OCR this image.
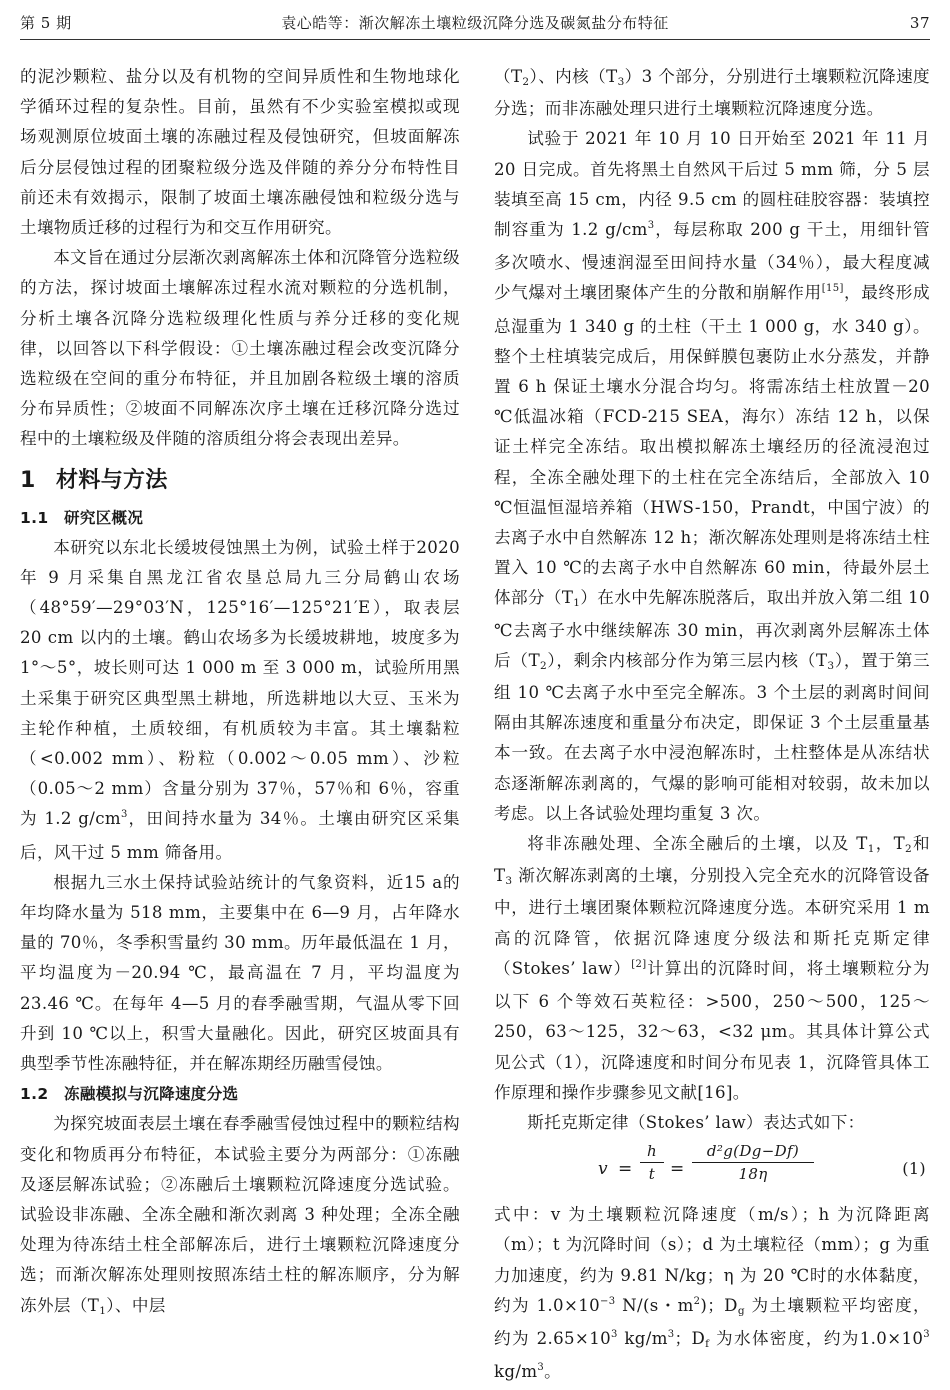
第 5 期	袁心皓等：渐次解冻土壤粒级沉降分选及碳氮盐分布特征	37

的泥沙颗粒、盐分以及有机物的空间异质性和生物地球化学循环过程的复杂性。目前，虽然有不少实验室模拟或现场观测原位坡面土壤的冻融过程及侵蚀研究，但坡面解冻后分层侵蚀过程的团聚粒级分选及伴随的养分分布特性目前还未有效揭示，限制了坡面土壤冻融侵蚀和粒级分选与土壤物质迁移的过程行为和交互作用研究。

本文旨在通过分层渐次剥离解冻土体和沉降管分选粒级的方法，探讨坡面土壤解冻过程水流对颗粒的分选机制，分析土壤各沉降分选粒级理化性质与养分迁移的变化规律，以回答以下科学假设：①土壤冻融过程会改变沉降分选粒级在空间的重分布特征，并且加剧各粒级土壤的溶质分布异质性；②坡面不同解冻次序土壤在迁移沉降分选过程中的土壤粒级及伴随的溶质组分将会表现出差异。

1 材料与方法
1.1 研究区概况

本研究以东北长缓坡侵蚀黑土为例，试验土样于2020 年 9 月采集自黑龙江省农垦总局九三分局鹤山农场（48°59′—29°03′N，125°16′—125°21′E），取表层 20 cm 以内的土壤。鹤山农场多为长缓坡耕地，坡度多为 1°～5°，坡长则可达 1 000 m 至 3 000 m，试验所用黑土采集于研究区典型黑土耕地，所选耕地以大豆、玉米为主轮作种植，土质较细，有机质较为丰富。其土壤黏粒（<0.002 mm）、粉粒（0.002～0.05 mm）、沙粒（0.05～2 mm）含量分别为 37％，57％和 6％，容重为 1.2 $g/cm^3$，田间持水量为 34％。土壤由研究区采集后，风干过 5 mm 筛备用。

根据九三水土保持试验站统计的气象资料，近15 a的年均降水量为 518 mm，主要集中在 6—9 月，占年降水量的 70％，冬季积雪量约 30 mm。历年最低温在 1 月，平均温度为－20.94 ℃，最高温在 7 月，平均温度为 23.46 ℃。在每年 4—5 月的春季融雪期，气温从零下回升到 10 ℃以上，积雪大量融化。因此，研究区坡面具有典型季节性冻融特征，并在解冻期经历融雪侵蚀。

1.2 冻融模拟与沉降速度分选

为探究坡面表层土壤在春季融雪侵蚀过程中的颗粒结构变化和物质再分布特征，本试验主要分为两部分：①冻融及逐层解冻试验；②冻融后土壤颗粒沉降速度分选试验。试验设非冻融、全冻全融和渐次剥离 3 种处理；全冻全融处理为待冻结土柱全部解冻后，进行土壤颗粒沉降速度分选；而渐次解冻处理则按照冻结土柱的解冻顺序，分为解冻外层（T1）、中层

（T2）、内核（T3）3 个部分，分别进行土壤颗粒沉降速度分选；而非冻融处理只进行土壤颗粒沉降速度分选。

试验于 2021 年 10 月 10 日开始至 2021 年 11 月20 日完成。首先将黑土自然风干后过 5 mm 筛，分 5 层装填至高 15 cm，内径 9.5 cm 的圆柱硅胶容器：装填控制容重为 1.2 $g/cm^3$，每层称取 200 g 干土，用细针管多次喷水、慢速润湿至田间持水量（34％），最大程度减少气爆对土壤团聚体产生的分散和崩解作用[15]，最终形成总湿重为 1 340 g 的土柱（干土 1 000 g，水 340 g）。整个土柱填装完成后，用保鲜膜包裹防止水分蒸发，并静置 6 h 保证土壤水分混合均匀。将需冻结土柱放置－20 ℃低温冰箱（FCD-215 SEA，海尔）冻结 12 h，以保证土样完全冻结。取出模拟解冻土壤经历的径流浸泡过程，全冻全融处理下的土柱在完全冻结后，全部放入 10 ℃恒温恒湿培养箱（HWS-150，Prandt，中国宁波）的去离子水中自然解冻 12 h；渐次解冻处理则是将冻结土柱置入 10 ℃的去离子水中自然解冻 60 min，待最外层土体部分（T1）在水中先解冻脱落后，取出并放入第二组 10 ℃去离子水中继续解冻 30 min，再次剥离外层解冻土体后（T2），剩余内核部分作为第三层内核（T3），置于第三组 10 ℃去离子水中至完全解冻。3 个土层的剥离时间间隔由其解冻速度和重量分布决定，即保证 3 个土层重量基本一致。在去离子水中浸泡解冻时，土柱整体是从冻结状态逐渐解冻剥离的，气爆的影响可能相对较弱，故未加以考虑。以上各试验处理均重复 3 次。

将非冻融处理、全冻全融后的土壤，以及 T1，T2和 T3 渐次解冻剥离的土壤，分别投入完全充水的沉降管设备中，进行土壤团聚体颗粒沉降速度分选。本研究采用 1 m 高的沉降管，依据沉降速度分级法和斯托克斯定律（Stokes’ law）[2]计算出的沉降时间，将土壤颗粒分为以下 6 个等效石英粒径：>500，250～500，125～250，63～125，32～63，<32 μm。其具体计算公式见公式（1），沉降速度和时间分布见表 1，沉降管具体工作原理和操作步骤参见文献[16]。

斯托克斯定律（Stokes’ law）表达式如下：

$v = \frac{h}{t} = \frac{\text{d²g(Dg−Df)}}{18\eta}$	(1)

式中：v 为土壤颗粒沉降速度（m/s）；h 为沉降距离（m）；t 为沉降时间（s）；d 为土壤粒径（mm）；g 为重力加速度，约为 9.81 N/kg；η 为 20 ℃时的水体黏度，约为 $1.0\times 10^{-3}$ N/(s・$m^2$)；Dg 为土壤颗粒平均密度，约为 $2.65\times 10^3$ $kg/m^3$；Df 为水体密度，约为$1.0\times 10^3$ $kg/m^3$。
